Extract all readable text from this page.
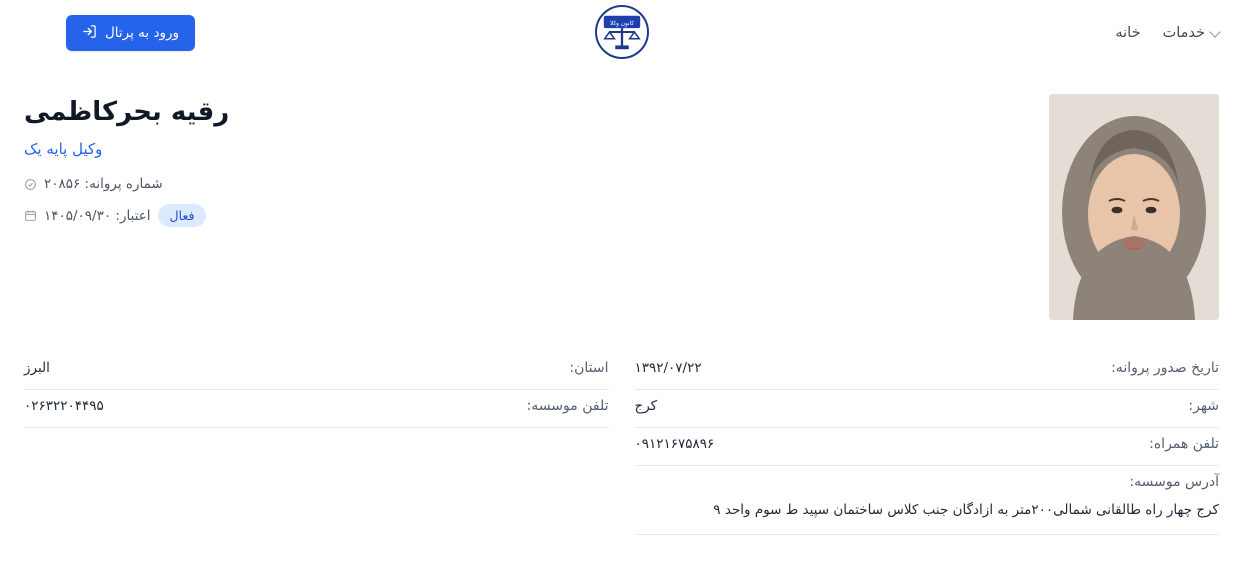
ورود به پرتال
کانون وکلا
خدمات
خانه
رقیه بحرکاظمی
وکیل پایه یک
شماره پروانه: ۲۰۸۵۶
اعتبار: ۱۴۰۵/۰۹/۳۰	فعال
تاریخ صدور پروانه:
۱۳۹۲/۰۷/۲۲
شهر:
کرج
تلفن همراه:
۰۹۱۲۱۶۷۵۸۹۶
آدرس موسسه:
کرج چهار راه طالقانی شمالی۲۰۰متر به ازادگان جنب کلاس ساختمان سپید ط سوم واحد ۹
استان:
البرز
تلفن موسسه:
۰۲۶۳۲۲۰۴۴۹۵
